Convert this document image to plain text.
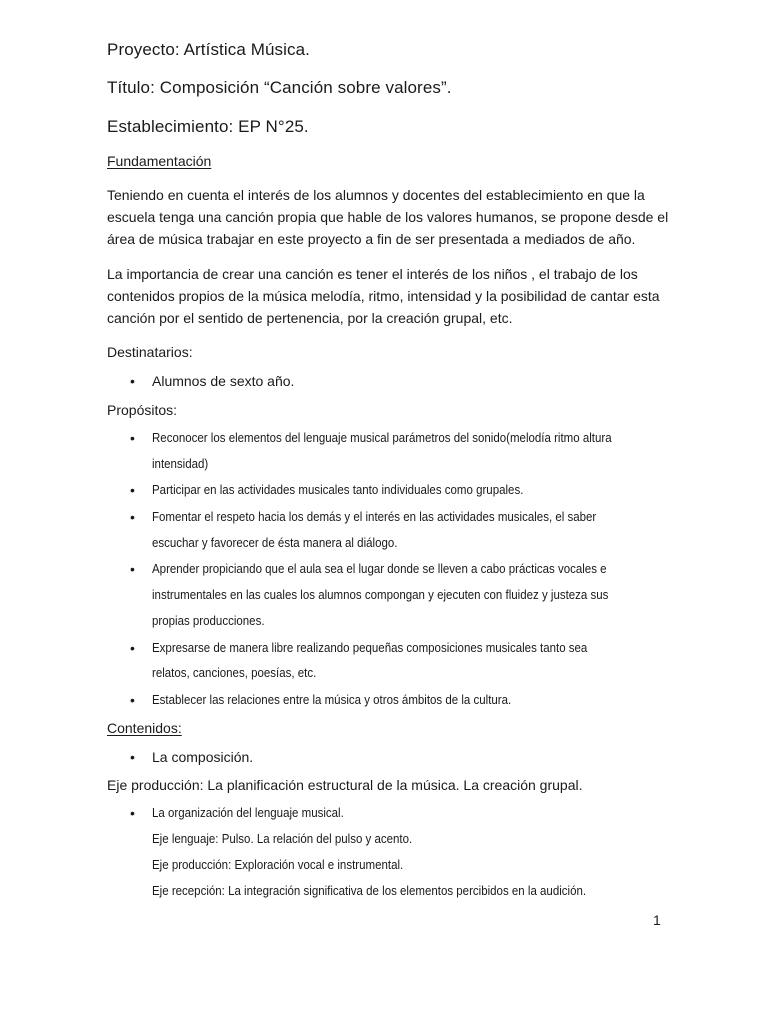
Proyecto: Artística Música.
Título: Composición “Canción sobre valores”.
Establecimiento: EP N°25.
Fundamentación
Teniendo en cuenta el interés de los alumnos y docentes del establecimiento en que la
escuela tenga una canción propia que hable de los valores humanos, se propone desde el
área de música trabajar en este proyecto a fin de ser presentada a mediados de año.
La importancia de crear una canción es tener el interés de los niños , el trabajo de los
contenidos propios de la música melodía, ritmo, intensidad y la posibilidad de cantar esta
canción por el sentido de pertenencia, por la creación grupal, etc.
Destinatarios:
• Alumnos de sexto año.
Propósitos:
• Reconocer los elementos del lenguaje musical parámetros del sonido(melodía ritmo altura
intensidad)
• Participar en las actividades musicales tanto individuales como grupales.
• Fomentar el respeto hacia los demás y el interés en las actividades musicales, el saber
escuchar y favorecer de ésta manera al diálogo.
• Aprender propiciando que el aula sea el lugar donde se lleven a cabo prácticas vocales e
instrumentales en las cuales los alumnos compongan y ejecuten con fluidez y justeza sus
propias producciones.
• Expresarse de manera libre realizando pequeñas composiciones musicales tanto sea
relatos, canciones, poesías, etc.
• Establecer las relaciones entre la música y otros ámbitos de la cultura.
Contenidos:
• La composición.
Eje producción: La planificación estructural de la música. La creación grupal.
• La organización del lenguaje musical.
Eje lenguaje: Pulso. La relación del pulso y acento.
Eje producción: Exploración vocal e instrumental.
Eje recepción: La integración significativa de los elementos percibidos en la audición.
1
